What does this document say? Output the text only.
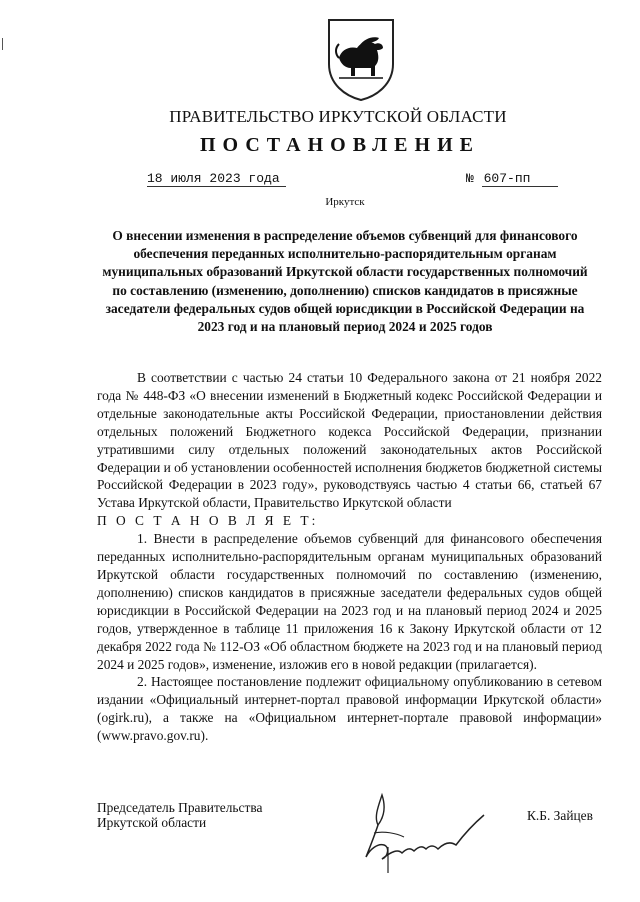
ПРАВИТЕЛЬСТВО ИРКУТСКОЙ ОБЛАСТИ
ПОСТАНОВЛЕНИЕ
18 июля 2023 года	№ 607-пп
Иркутск
О внесении изменения в распределение объемов субвенций для финансового обеспечения переданных исполнительно-распорядительным органам муниципальных образований Иркутской области государственных полномочий по составлению (изменению, дополнению) списков кандидатов в присяжные заседатели федеральных судов общей юрисдикции в Российской Федерации на 2023 год и на плановый период 2024 и 2025 годов

В соответствии с частью 24 статьи 10 Федерального закона от 21 ноября 2022 года № 448-ФЗ «О внесении изменений в Бюджетный кодекс Российской Федерации и отдельные законодательные акты Российской Федерации, приостановлении действия отдельных положений Бюджетного кодекса Российской Федерации, признании утратившими силу отдельных положений законодательных актов Российской Федерации и об установлении особенностей исполнения бюджетов бюджетной системы Российской Федерации в 2023 году», руководствуясь частью 4 статьи 66, статьей 67 Устава Иркутской области, Правительство Иркутской области

П О С Т А Н О В Л Я Е Т:

1. Внести в распределение объемов субвенций для финансового обеспечения переданных исполнительно-распорядительным органам муниципальных образований Иркутской области государственных полномочий по составлению (изменению, дополнению) списков кандидатов в присяжные заседатели федеральных судов общей юрисдикции в Российской Федерации на 2023 год и на плановый период 2024 и 2025 годов, утвержденное в таблице 11 приложения 16 к Закону Иркутской области от 12 декабря 2022 года № 112-ОЗ «Об областном бюджете на 2023 год и на плановый период 2024 и 2025 годов», изменение, изложив его в новой редакции (прилагается).

2. Настоящее постановление подлежит официальному опубликованию в сетевом издании «Официальный интернет-портал правовой информации Иркутской области» (ogirk.ru), а также на «Официальном интернет-портале правовой информации» (www.pravo.gov.ru).

Председатель Правительства
Иркутской области	К.Б. Зайцев
